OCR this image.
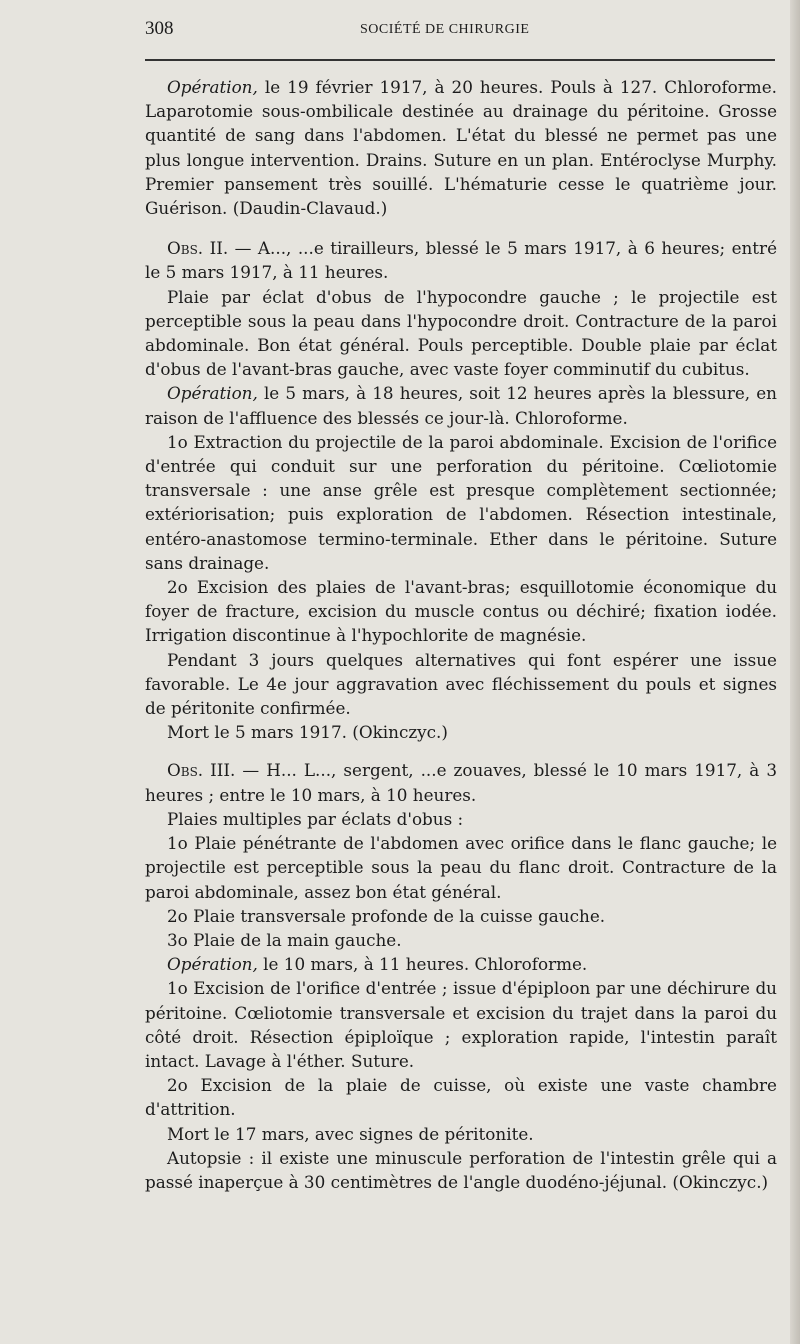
308	SOCIÉTÉ DE CHIRURGIE

Opération, le 19 février 1917, à 20 heures. Pouls à 127. Chloroforme. Laparotomie sous-ombilicale destinée au drainage du péritoine. Grosse quantité de sang dans l'abdomen. L'état du blessé ne permet pas une plus longue intervention. Drains. Suture en un plan. Entéroclyse Murphy. Premier pansement très souillé. L'hématurie cesse le quatrième jour. Guérison. (Daudin-Clavaud.)

Obs. II. — A..., ...e tirailleurs, blessé le 5 mars 1917, à 6 heures; entré le 5 mars 1917, à 11 heures.

Plaie par éclat d'obus de l'hypocondre gauche ; le projectile est perceptible sous la peau dans l'hypocondre droit. Contracture de la paroi abdominale. Bon état général. Pouls perceptible. Double plaie par éclat d'obus de l'avant-bras gauche, avec vaste foyer comminutif du cubitus.

Opération, le 5 mars, à 18 heures, soit 12 heures après la blessure, en raison de l'affluence des blessés ce jour-là. Chloroforme.

1o Extraction du projectile de la paroi abdominale. Excision de l'orifice d'entrée qui conduit sur une perforation du péritoine. Cœliotomie transversale : une anse grêle est presque complètement sectionnée; extériorisation; puis exploration de l'abdomen. Résection intestinale, entéro-anastomose termino-terminale. Ether dans le péritoine. Suture sans drainage.

2o Excision des plaies de l'avant-bras; esquillotomie économique du foyer de fracture, excision du muscle contus ou déchiré; fixation iodée. Irrigation discontinue à l'hypochlorite de magnésie.

Pendant 3 jours quelques alternatives qui font espérer une issue favorable. Le 4e jour aggravation avec fléchissement du pouls et signes de péritonite confirmée.

Mort le 5 mars 1917. (Okinczyc.)

Obs. III. — H... L..., sergent, ...e zouaves, blessé le 10 mars 1917, à 3 heures ; entre le 10 mars, à 10 heures.

Plaies multiples par éclats d'obus :

1o Plaie pénétrante de l'abdomen avec orifice dans le flanc gauche; le projectile est perceptible sous la peau du flanc droit. Contracture de la paroi abdominale, assez bon état général.

2o Plaie transversale profonde de la cuisse gauche.

3o Plaie de la main gauche.

Opération, le 10 mars, à 11 heures. Chloroforme.

1o Excision de l'orifice d'entrée ; issue d'épiploon par une déchirure du péritoine. Cœliotomie transversale et excision du trajet dans la paroi du côté droit. Résection épiploïque ; exploration rapide, l'intestin paraît intact. Lavage à l'éther. Suture.

2o Excision de la plaie de cuisse, où existe une vaste chambre d'attrition.

Mort le 17 mars, avec signes de péritonite.

Autopsie : il existe une minuscule perforation de l'intestin grêle qui a passé inaperçue à 30 centimètres de l'angle duodéno-jéjunal. (Okinczyc.)
